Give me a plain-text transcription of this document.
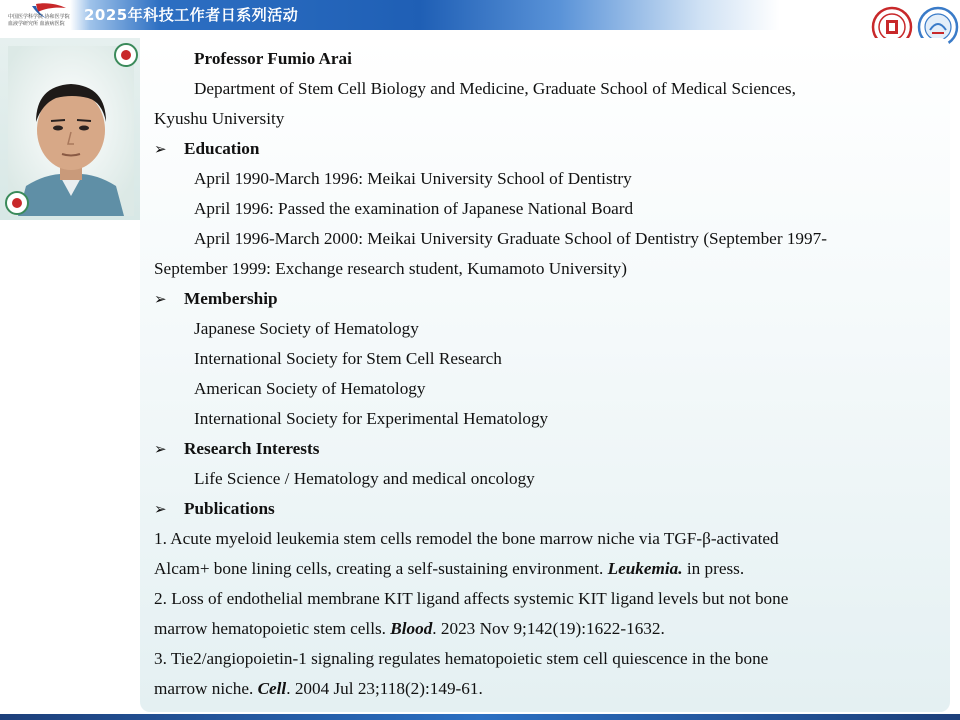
中国医学科学院 协和医学院
血液学研究所 血液病医院	2025年科技工作者日系列活动
Professor Fumio Arai
Department of Stem Cell Biology and Medicine, Graduate School of Medical Sciences,
Kyushu University
➢ Education
April 1990-March 1996: Meikai University School of Dentistry
April 1996: Passed the examination of Japanese National Board
April 1996-March 2000: Meikai University Graduate School of Dentistry (September 1997-
September 1999: Exchange research student, Kumamoto University)
➢ Membership
Japanese Society of Hematology
International Society for Stem Cell Research
American Society of Hematology
International Society for Experimental Hematology
➢ Research Interests
Life Science / Hematology and medical oncology
➢ Publications
1. Acute myeloid leukemia stem cells remodel the bone marrow niche via TGF-β-activated
Alcam+ bone lining cells, creating a self-sustaining environment. Leukemia. in press.
2. Loss of endothelial membrane KIT ligand affects systemic KIT ligand levels but not bone
marrow hematopoietic stem cells. Blood. 2023 Nov 9;142(19):1622-1632.
3. Tie2/angiopoietin-1 signaling regulates hematopoietic stem cell quiescence in the bone
marrow niche. Cell. 2004 Jul 23;118(2):149-61.
